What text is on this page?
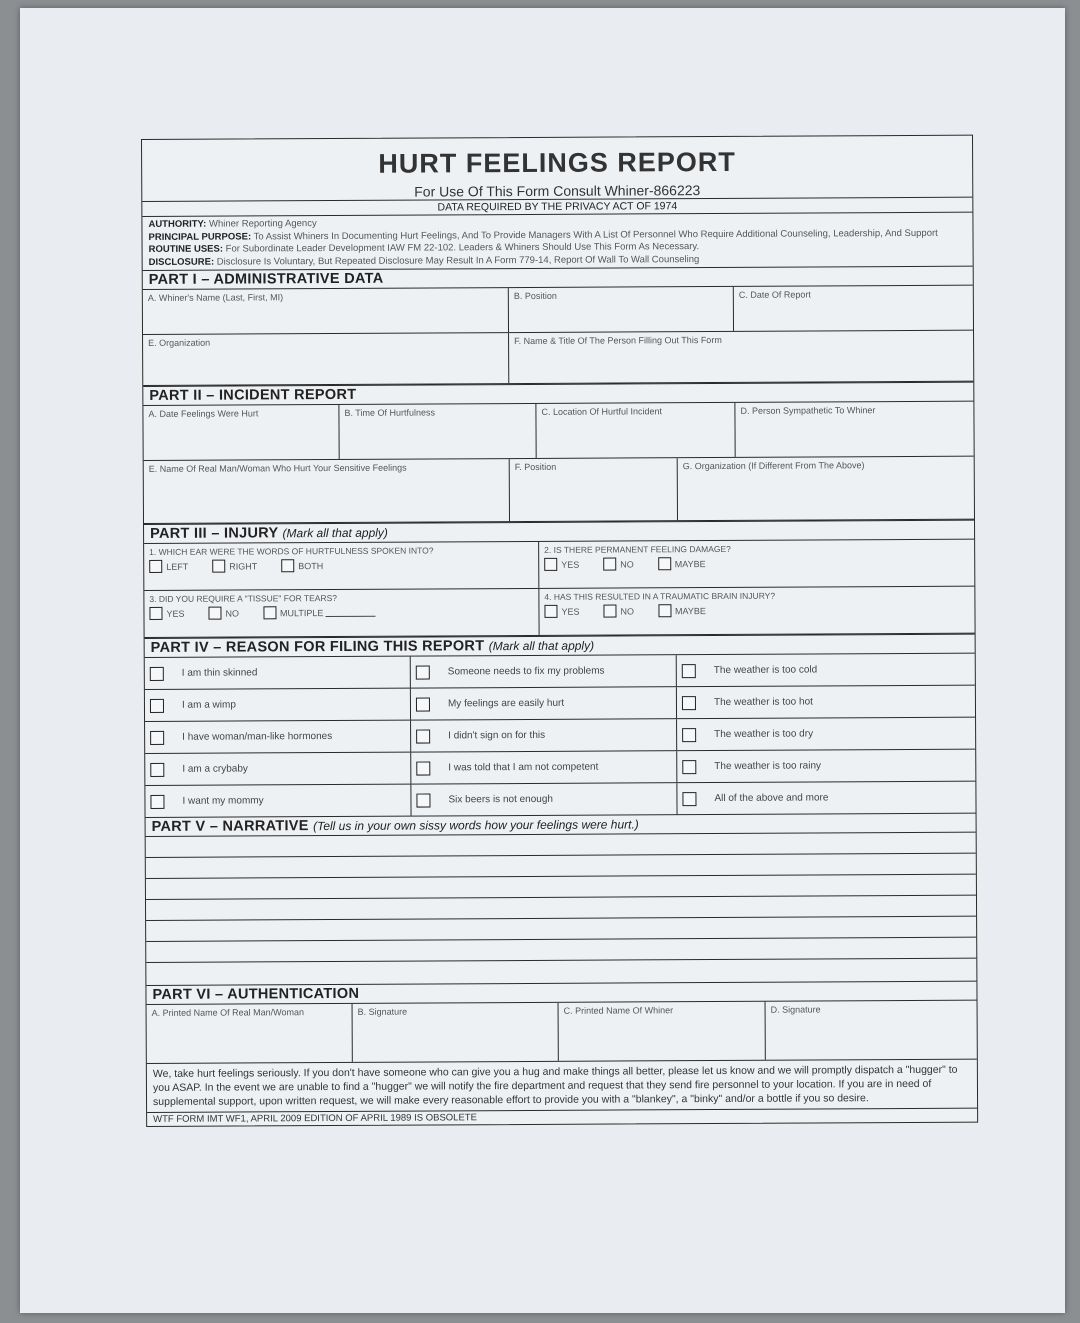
HURT FEELINGS REPORT
For Use Of This Form Consult Whiner-866223
DATA REQUIRED BY THE PRIVACY ACT OF 1974
AUTHORITY: Whiner Reporting Agency
PRINCIPAL PURPOSE: To Assist Whiners In Documenting Hurt Feelings, And To Provide Managers With A List Of Personnel Who Require Additional Counseling, Leadership, And Support
ROUTINE USES: For Subordinate Leader Development IAW FM 22-102. Leaders & Whiners Should Use This Form As Necessary.
DISCLOSURE: Disclosure Is Voluntary, But Repeated Disclosure May Result In A Form 779-14, Report Of Wall To Wall Counseling
PART I – ADMINISTRATIVE DATA
A. Whiner's Name (Last, First, MI)	B. Position	C. Date Of Report
E. Organization	F. Name & Title Of The Person Filling Out This Form
PART II – INCIDENT REPORT
A. Date Feelings Were Hurt	B. Time Of Hurtfulness	C. Location Of Hurtful Incident	D. Person Sympathetic To Whiner
E. Name Of Real Man/Woman Who Hurt Your Sensitive Feelings	F. Position	G. Organization (If Different From The Above)
PART III – INJURY (Mark all that apply)
1. WHICH EAR WERE THE WORDS OF HURTFULNESS SPOKEN INTO?
LEFT	RIGHT	BOTH
2. IS THERE PERMANENT FEELING DAMAGE?
YES	NO	MAYBE
3. DID YOU REQUIRE A "TISSUE" FOR TEARS?
YES	NO	MULTIPLE

4. HAS THIS RESULTED IN A TRAUMATIC BRAIN INJURY?
YES	NO	MAYBE
PART IV – REASON FOR FILING THIS REPORT (Mark all that apply)
I am thin skinned	Someone needs to fix my problems	The weather is too cold
I am a wimp	My feelings are easily hurt	The weather is too hot
I have woman/man-like hormones	I didn't sign on for this	The weather is too dry
I am a crybaby	I was told that I am not competent	The weather is too rainy
I want my mommy	Six beers is not enough	All of the above and more
PART V – NARRATIVE (Tell us in your own sissy words how your feelings were hurt.)
PART VI – AUTHENTICATION
A. Printed Name Of Real Man/Woman	B. Signature	C. Printed Name Of Whiner	D. Signature
We, take hurt feelings seriously. If you don't have someone who can give you a hug and make things all better, please let us know and we will promptly dispatch a "hugger" to you ASAP. In the event we are unable to find a "hugger" we will notify the fire department and request that they send fire personnel to your location. If you are in need of supplemental support, upon written request, we will make every reasonable effort to provide you with a "blankey", a "binky" and/or a bottle if you so desire.
WTF FORM IMT WF1, APRIL 2009 EDITION OF APRIL 1989 IS OBSOLETE
